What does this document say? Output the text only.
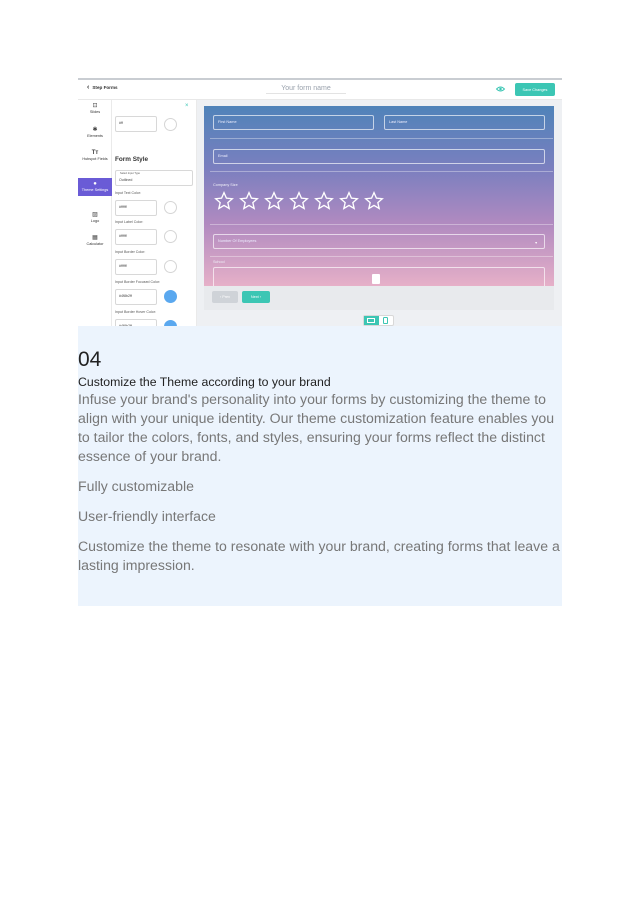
‹ Step Forms	Your form name	Save Changes
⊡
Slides
✱
Elements
Tт
Hubspot Fields
●
Theme Settings
▨
Logo
▦
Calculator
×
#ff
Form Style
Select Input Type
Outlined
Input Text Color:
#ffffff
Input Label Color:
#ffffff
Input Border Color:
#ffffff
Input Border Focused Color:
#4f8b2ff
Input Border Hover Color:
First Name	Last Name
Email
Company Size
Number Of Employees	▾
School
‹ Prev	Next ›
04
Customize the Theme according to your brand
Infuse your brand's personality into your forms by customizing the theme to align with your unique identity. Our theme customization feature enables you to tailor the colors, fonts, and styles, ensuring your forms reflect the distinct essence of your brand.
Fully customizable
User-friendly interface
Customize the theme to resonate with your brand, creating forms that leave a lasting impression.
